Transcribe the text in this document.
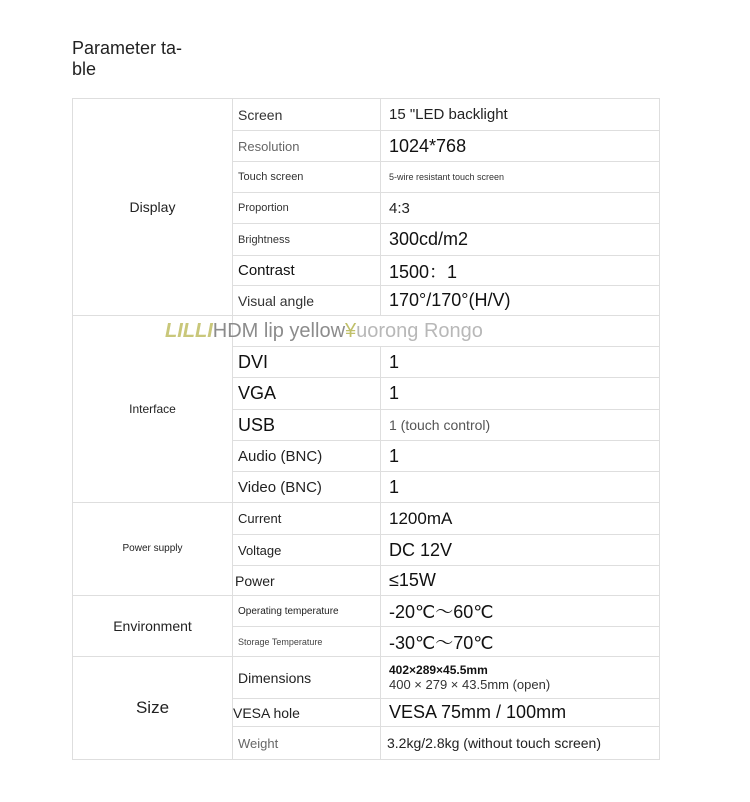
Parameter ta-
ble
Display	Screen	15 "LED backlight
	Resolution	1024*768
	Touch screen	5-wire resistant touch screen
	Proportion	4:3
	Brightness	300cd/m2
	Contrast	1500：1
	Visual angle	170°/170°(H/V)
Interface	LILLIHDM lip yellow¥uorong Rongo	
	DVI	1
	VGA	1
	USB	1 (touch control)
	Audio (BNC)	1
	Video (BNC)	1
Power supply	Current	1200mA
	Voltage	DC 12V
	Power	≤15W
Environment	Operating temperature	-20℃～60℃
	Storage Temperature	-30℃～70℃
Size	Dimensions	402×289×45.5mm
400 × 279 × 43.5mm (open)

	VESA hole	VESA 75mm / 100mm
	Weight	3.2kg/2.8kg (without touch screen)
